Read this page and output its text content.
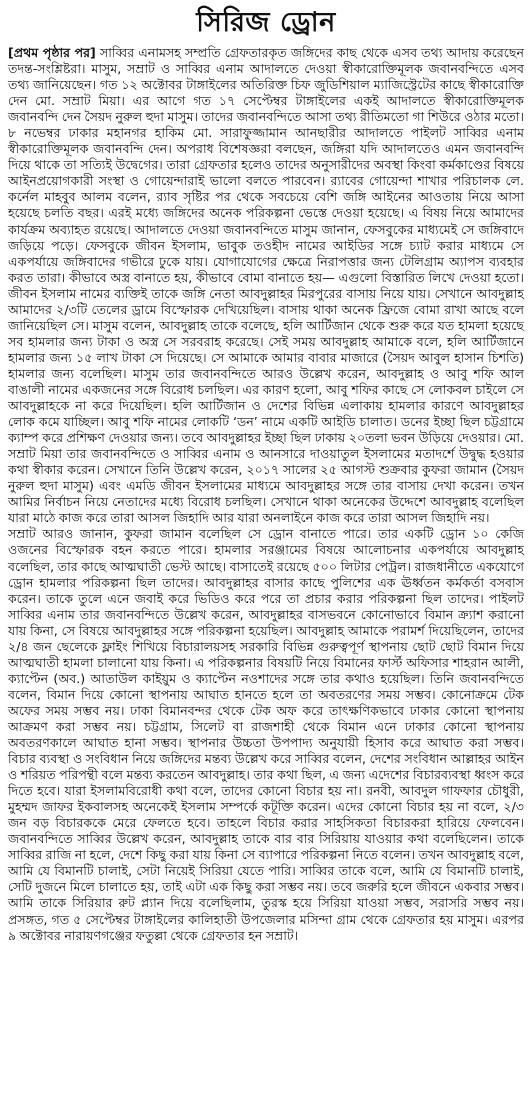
সিরিজ ড্রোন

[প্রথম পৃষ্ঠার পর] সাব্বির এনামসহ সম্প্রতি গ্রেফতারকৃত জঙ্গিদের কাছ থেকে এসব তথ্য আদায় করেছেন তদন্ত-সংশ্লিষ্টরা। মাসুম, সম্রাট ও সাব্বির এনাম আদালতে দেওয়া স্বীকারোক্তিমূলক জবানবন্দিতে এসব তথ্য জানিয়েছেন। গত ১২ অক্টোবর টাঙ্গাইলের অতিরিক্ত চিফ জুডিশিয়াল ম্যাজিস্ট্রেটের কাছে স্বীকারোক্তি দেন মো. সম্রাট মিয়া। এর আগে গত ১৭ সেপ্টেম্বর টাঙ্গাইলের একই আদালতে স্বীকারোক্তিমূলক জবানবন্দি দেন সৈয়দ নুরুল হুদা মাসুম। তাদের জবানবন্দিতে আসা তথ্য রীতিমতো গা শিউরে ওঠার মতো। ৮ নভেম্বর ঢাকার মহানগর হাকিম মো. সারাফুজ্জামান আনছারীর আদালতে পাইলট সাব্বির এনাম স্বীকারোক্তিমূলক জবানবন্দি দেন। অপরাধ বিশেষজ্ঞরা বলছেন, জঙ্গিরা যদি আদালতেও এমন জবানবন্দি দিয়ে থাকে তা সত্যিই উদ্বেগের। তারা গ্রেফতার হলেও তাদের অনুসারীদের অবস্থা কিংবা কর্মকাণ্ডের বিষয়ে আইনপ্রয়োগকারী সংস্থা ও গোয়েন্দারাই ভালো বলতে পারবেন। র‌্যাবের গোয়েন্দা শাখার পরিচালক লে. কর্নেল মাহবুব আলম বলেন, র‌্যাব সৃষ্টির পর থেকে সবচেয়ে বেশি জঙ্গি আইনের আওতায় নিয়ে আসা হয়েছে চলতি বছর। এরই মধ্যে জঙ্গিদের অনেক পরিকল্পনা ভেস্তে দেওয়া হয়েছে। এ বিষয় নিয়ে আমাদের কার্যক্রম অব্যাহত রয়েছে। আদালতে দেওয়া জবানবন্দিতে মাসুম জানান, ফেসবুকের মাধ্যমেই সে জঙ্গিবাদে জড়িয়ে পড়ে। ফেসবুকে জীবন ইসলাম, ভাবুক তওহীদ নামের আইডির সঙ্গে চ্যাট করার মাধ্যমে সে একপর্যায়ে জঙ্গিবাদের গভীরে ঢুকে যায়। যোগাযোগের ক্ষেত্রে নিরাপত্তার জন্য টেলিগ্রাম অ্যাপস ব্যবহার করত তারা। কীভাবে অস্ত্র বানাতে হয়, কীভাবে বোমা বানাতে হয়— এগুলো বিস্তারিত লিখে দেওয়া হতো। জীবন ইসলাম নামের ব্যক্তিই তাকে জঙ্গি নেতা আবদুল্লাহর মিরপুরের বাসায় নিয়ে যায়। সেখানে আবদুল্লাহ আমাদের ২/৩টি তেলের ড্রামে বিস্ফোরক দেখিয়েছিল। বাসায় থাকা অনেক ফ্রিজে বোমা রাখা আছে বলে জানিয়েছিল সে। মাসুম বলেন, আবদুল্লাহ তাকে বলেছে, হলি আর্টিজান থেকে শুরু করে যত হামলা হয়েছে সব হামলার জন্য টাকা ও অস্ত্র সে সরবরাহ করেছে। সেই সময় আবদুল্লাহ আমাকে বলে, হলি আর্টিজানে হামলার জন্য ১৫ লাখ টাকা সে দিয়েছে। সে আমাকে আমার বাবার মাজারে (সৈয়দ আবুল হাসান চিশতি) হামলার জন্য বলেছিল। মাসুম তার জবানবন্দিতে আরও উল্লেখ করেন, আবদুল্লাহ ও আবু শফি আল বাঙালী নামের একজনের সঙ্গে বিরোধ চলছিল। এর কারণ হলো, আবু শফির কাছে সে লোকবল চাইলে সে আবদুল্লাহকে না করে দিয়েছিল। হলি আর্টিজান ও দেশের বিভিন্ন এলাকায় হামলার কারণে আবদুল্লাহর লোক কমে যাচ্ছিল। আবু শফি নামের লোকটি ‘ডন’ নামে একটি আইডি চালাত। ডনের ইচ্ছা ছিল চট্টগ্রামে ক্যাম্প করে প্রশিক্ষণ দেওয়ার জন্য। তবে আবদুল্লাহর ইচ্ছা ছিল ঢাকায় ২০তলা ভবন উড়িয়ে দেওয়ার। মো. সম্রাট মিয়া তার জবানবন্দিতে ও সাব্বির এনাম ও আনসারে দাওয়াতুল ইসলামের মতাদর্শে উদ্বুদ্ধ হওয়ার কথা স্বীকার করেন। সেখানে তিনি উল্লেখ করেন, ২০১৭ সালের ২৫ আগস্ট শুক্রবার কুফরা জামান (সৈয়দ নুরুল হুদা মাসুম) এবং এমডি জীবন ইসলামের মাধ্যমে আবদুল্লাহর সঙ্গে তার বাসায় দেখা করেন। তখন আমির নির্বাচন নিয়ে নেতাদের মধ্যে বিরোধ চলছিল। সেখানে থাকা অনেকের উদ্দেশে আবদুল্লাহ বলেছিল যারা মাঠে কাজ করে তারা আসল জিহাদি আর যারা অনলাইনে কাজ করে তারা আসল জিহাদি নয়।

সম্রাট আরও জানান, কুফরা জামান বলেছিল সে ড্রোন বানাতে পারে। তার একটি ড্রোন ১০ কেজি ওজনের বিস্ফোরক বহন করতে পারে। হামলার সরঞ্জামের বিষয়ে আলোচনার একপর্যায়ে আবদুল্লাহ বলেছিল, তার কাছে আত্মঘাতী ভেস্ট আছে। বাসাতেই রয়েছে ৫০০ লিটার পেট্রল। রাজধানীতে একযোগে ড্রোন হামলার পরিকল্পনা ছিল তাদের। আবদুল্লাহর বাসার কাছে পুলিশের এক ঊর্ধ্বতন কর্মকর্তা বসবাস করেন। তাকে তুলে এনে জবাই করে ভিডিও করে পরে তা প্রচার করার পরিকল্পনা ছিল তাদের। পাইলট সাব্বির এনাম তার জবানবন্দিতে উল্লেখ করেন, আবদুল্লাহর বাসভবনে কোনোভাবে বিমান ক্র্যাশ করানো যায় কিনা, সে বিষয়ে আবদুল্লাহর সঙ্গে পরিকল্পনা হয়েছিল। আবদুল্লাহ আমাকে পরামর্শ দিয়েছিলেন, তাদের ২/৪ জন ছেলেকে ফ্লাইং শিখিয়ে বিচারালয়সহ সরকারি বিভিন্ন গুরুত্বপূর্ণ স্থাপনায় ছোট ছোট বিমান দিয়ে আত্মঘাতী হামলা চালানো যায় কিনা। এ পরিকল্পনার বিষয়টি নিয়ে বিমানের ফার্স্ট অফিসার শাহরান আলী, ক্যাপ্টেন (অব.) আতাউল কাইয়ুম ও ক্যাপ্টেন নওশাদের সঙ্গে তার কথাও হয়েছিল। তিনি জবানবন্দিতে বলেন, বিমান দিয়ে কোনো স্থাপনায় আঘাত হানতে হলে তা অবতরণের সময় সম্ভব। কোনোক্রমে টেক অফের সময় সম্ভব নয়। ঢাকা বিমানবন্দর থেকে টেক অফ করে তাৎক্ষণিকভাবে ঢাকার কোনো স্থাপনায় আক্রমণ করা সম্ভব নয়। চট্টগ্রাম, সিলেট বা রাজশাহী থেকে বিমান এনে ঢাকার কোনো স্থাপনায় অবতরণকালে আঘাত হানা সম্ভব। স্থাপনার উচ্চতা উপপাদ্য অনুযায়ী হিসাব করে আঘাত করা সম্ভব। বিচার ব্যবস্থা ও সংবিধান নিয়ে জঙ্গিদের মন্তব্য উল্লেখ করে সাব্বির বলেন, দেশের সংবিধান আল্লাহর আইন ও শরিয়ত পরিপন্থী বলে মন্তব্য করতেন আবদুল্লাহ। তার কথা ছিল, এ জন্য এদেশের বিচারব্যবস্থা ধ্বংস করে দিতে হবে। যারা ইসলামবিরোধী কথা বলে, তাদের কোনো বিচার হয় না। রনবী, আবদুল গাফফার চৌধুরী, মুহম্মদ জাফর ইকবালসহ অনেকেই ইসলাম সম্পর্কে কটূক্তি করেন। এদের কোনো বিচার হয় না বলে, ২/৩ জন বড় বিচারককে মেরে ফেলতে হবে। তাহলে বিচার করার সাহসিকতা বিচারকরা হারিয়ে ফেলবেন। জবানবন্দিতে সাব্বির উল্লেখ করেন, আবদুল্লাহ তাকে বার বার সিরিয়ায় যাওয়ার কথা বলেছিলেন। তাকে সাব্বির রাজি না হলে, দেশে কিছু করা যায় কিনা সে ব্যাপারে পরিকল্পনা নিতে বলেন। তখন আবদুল্লাহ বলে, আমি যে বিমানটি চালাই, সেটা নিয়েই সিরিয়া যেতে পারি। সাব্বির তাকে বলে, আমি যে বিমানটি চালাই, সেটি দুজনে মিলে চালাতে হয়, তাই এটা এক কিছু করা সম্ভব নয়। তবে জরুরি হলে জীবনে একবার সম্ভব। আমি তাকে সিরিয়ার রুট প্ল্যান দিয়ে বলেছিলাম, তুরস্ক হয়ে সিরিয়া যাওয়া সম্ভব, সরাসরি সম্ভব নয়। প্রসঙ্গত, গত ৫ সেপ্টেম্বর টাঙ্গাইলের কালিহাতী উপজেলার মসিন্দা গ্রাম থেকে গ্রেফতার হয় মাসুম। এরপর ৯ অক্টোবর নারায়ণগঞ্জের ফতুল্লা থেকে গ্রেফতার হন সম্রাট।
